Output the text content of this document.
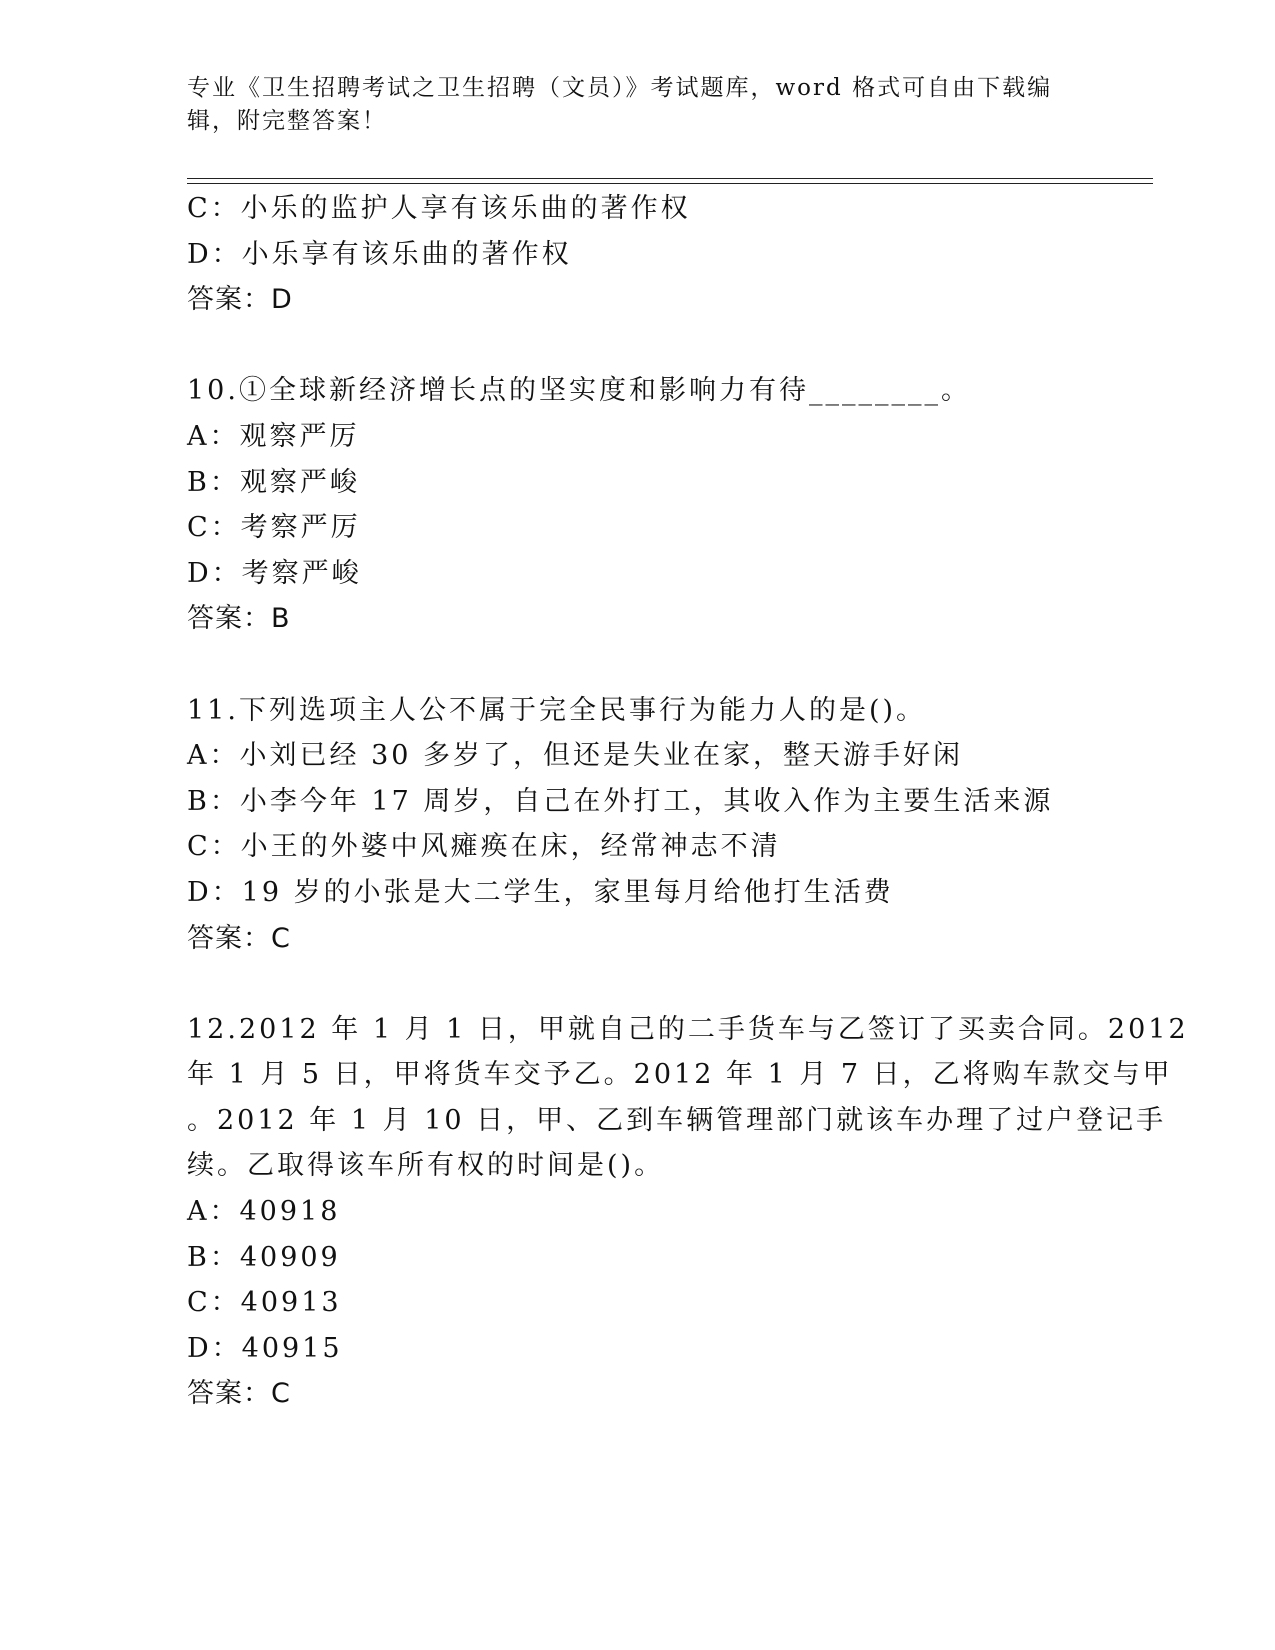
专业《卫生招聘考试之卫生招聘（文员）》考试题库，word 格式可自由下载编辑，附完整答案！
C：小乐的监护人享有该乐曲的著作权
D：小乐享有该乐曲的著作权
答案：D
10.①全球新经济增长点的坚实度和影响力有待________。
A：观察严厉
B：观察严峻
C：考察严厉
D：考察严峻
答案：B
11.下列选项主人公不属于完全民事行为能力人的是()。
A：小刘已经 30 多岁了，但还是失业在家，整天游手好闲
B：小李今年 17 周岁，自己在外打工，其收入作为主要生活来源
C：小王的外婆中风瘫痪在床，经常神志不清
D：19 岁的小张是大二学生，家里每月给他打生活费
答案：C
12.2012 年 1 月 1 日，甲就自己的二手货车与乙签订了买卖合同。2012
年 1 月 5 日，甲将货车交予乙。2012 年 1 月 7 日，乙将购车款交与甲
。2012 年 1 月 10 日，甲、乙到车辆管理部门就该车办理了过户登记手
续。乙取得该车所有权的时间是()。
A：40918
B：40909
C：40913
D：40915
答案：C
